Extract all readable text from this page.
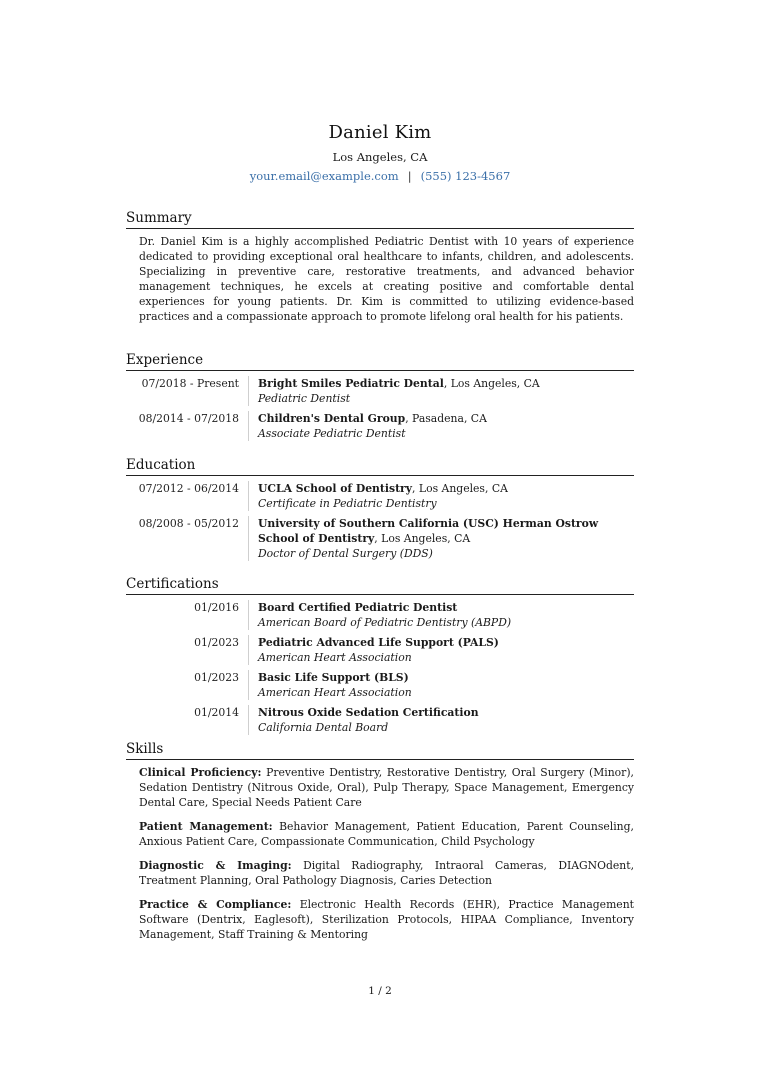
Daniel Kim
Los Angeles, CA
your.email@example.com | (555) 123-4567
Summary
Dr. Daniel Kim is a highly accomplished Pediatric Dentist with 10 years of experience dedicated to providing exceptional oral healthcare to infants, children, and adolescents. Specializing in preventive care, restorative treatments, and advanced behavior management techniques, he excels at creating positive and comfortable dental experiences for young patients. Dr. Kim is committed to utilizing evidence-based practices and a compassionate approach to promote lifelong oral health for his patients.
Experience
07/2018 - Present	Bright Smiles Pediatric Dental, Los Angeles, CA
Pediatric Dentist
08/2014 - 07/2018	Children's Dental Group, Pasadena, CA
Associate Pediatric Dentist
Education
07/2012 - 06/2014	UCLA School of Dentistry, Los Angeles, CA
Certificate in Pediatric Dentistry
08/2008 - 05/2012	University of Southern California (USC) Herman Ostrow School of Dentistry, Los Angeles, CA
Doctor of Dental Surgery (DDS)
Certifications
01/2016	Board Certified Pediatric Dentist
American Board of Pediatric Dentistry (ABPD)
01/2023	Pediatric Advanced Life Support (PALS)
American Heart Association
01/2023	Basic Life Support (BLS)
American Heart Association
01/2014	Nitrous Oxide Sedation Certification
California Dental Board
Skills
Clinical Proficiency: Preventive Dentistry, Restorative Dentistry, Oral Surgery (Minor), Sedation Dentistry (Nitrous Oxide, Oral), Pulp Therapy, Space Management, Emergency Dental Care, Special Needs Patient Care
Patient Management: Behavior Management, Patient Education, Parent Counseling, Anxious Patient Care, Compassionate Communication, Child Psychology
Diagnostic & Imaging: Digital Radiography, Intraoral Cameras, DIAGNOdent, Treatment Planning, Oral Pathology Diagnosis, Caries Detection
Practice & Compliance: Electronic Health Records (EHR), Practice Management Software (Dentrix, Eaglesoft), Sterilization Protocols, HIPAA Compliance, Inventory Management, Staff Training & Mentoring
1 / 2
